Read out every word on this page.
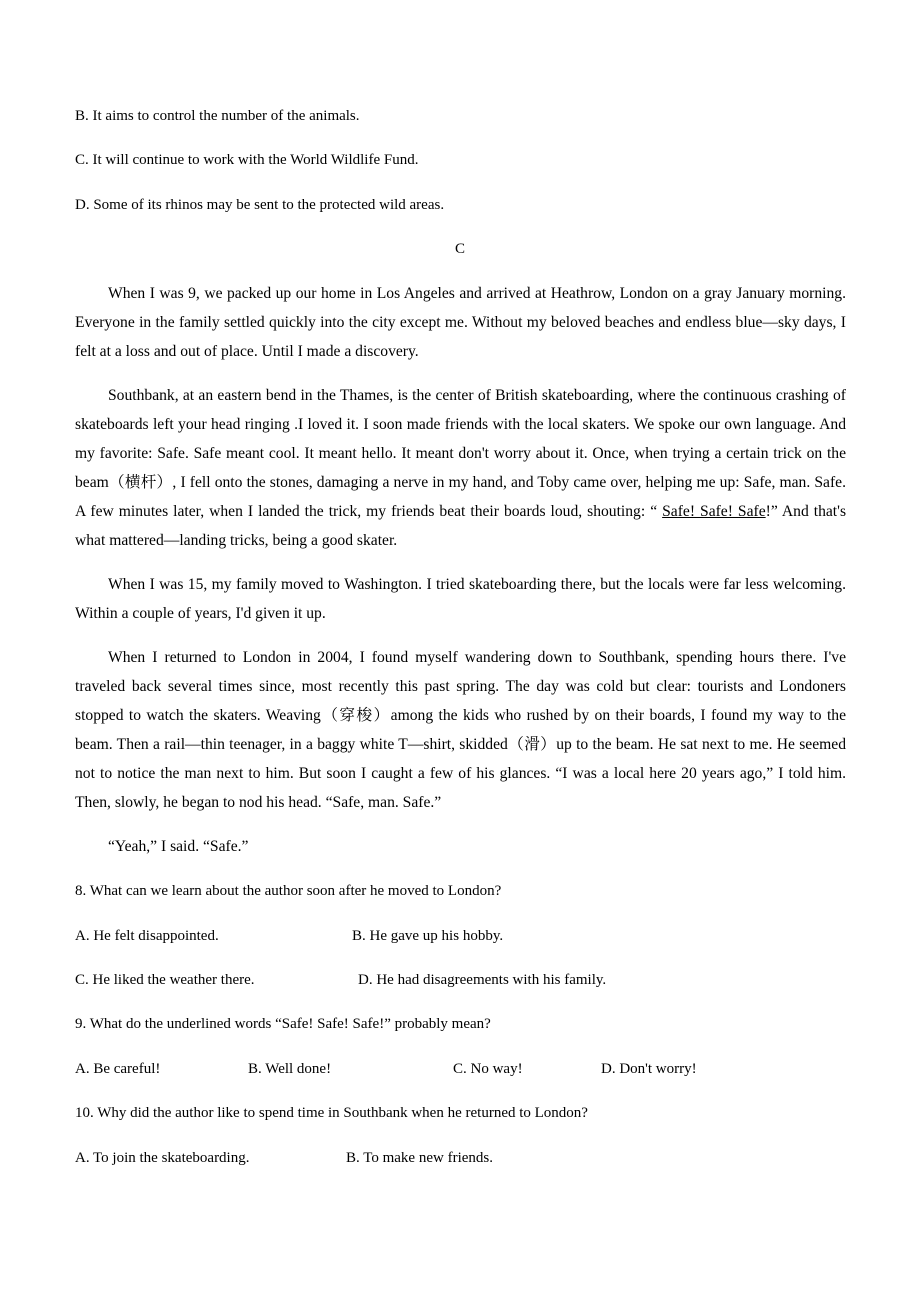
B. It aims to control the number of the animals.

C. It will continue to work with the World Wildlife Fund.

D. Some of its rhinos may be sent to the protected wild areas.

C

When I was 9, we packed up our home in Los Angeles and arrived at Heathrow, London on a gray January morning. Everyone in the family settled quickly into the city except me. Without my beloved beaches and endless blue—sky days, I felt at a loss and out of place. Until I made a discovery.

Southbank, at an eastern bend in the Thames, is the center of British skateboarding, where the continuous crashing of skateboards left your head ringing .I loved it. I soon made friends with the local skaters. We spoke our own language. And my favorite: Safe. Safe meant cool. It meant hello. It meant don't worry about it. Once, when trying a certain trick on the beam（横杆）, I fell onto the stones, damaging a nerve in my hand, and Toby came over, helping me up: Safe, man. Safe. A few minutes later, when I landed the trick, my friends beat their boards loud, shouting: “ Safe! Safe! Safe!” And that's what mattered—landing tricks, being a good skater.

When I was 15, my family moved to Washington. I tried skateboarding there, but the locals were far less welcoming. Within a couple of years, I'd given it up.

When I returned to London in 2004, I found myself wandering down to Southbank, spending hours there. I've traveled back several times since, most recently this past spring. The day was cold but clear: tourists and Londoners stopped to watch the skaters. Weaving（穿梭）among the kids who rushed by on their boards, I found my way to the beam. Then a rail—thin teenager, in a baggy white T—shirt, skidded（滑）up to the beam. He sat next to me. He seemed not to notice the man next to him. But soon I caught a few of his glances. “I was a local here 20 years ago,” I told him. Then, slowly, he began to nod his head. “Safe, man. Safe.”

“Yeah,” I said. “Safe.”

8. What can we learn about the author soon after he moved to London?

A. He felt disappointed.	B. He gave up his hobby.

C. He liked the weather there.	D. He had disagreements with his family.

9. What do the underlined words “Safe! Safe! Safe!” probably mean?

A. Be careful!	B. Well done!	C. No way!	D. Don't worry!

10. Why did the author like to spend time in Southbank when he returned to London?

A. To join the skateboarding.	B. To make new friends.
